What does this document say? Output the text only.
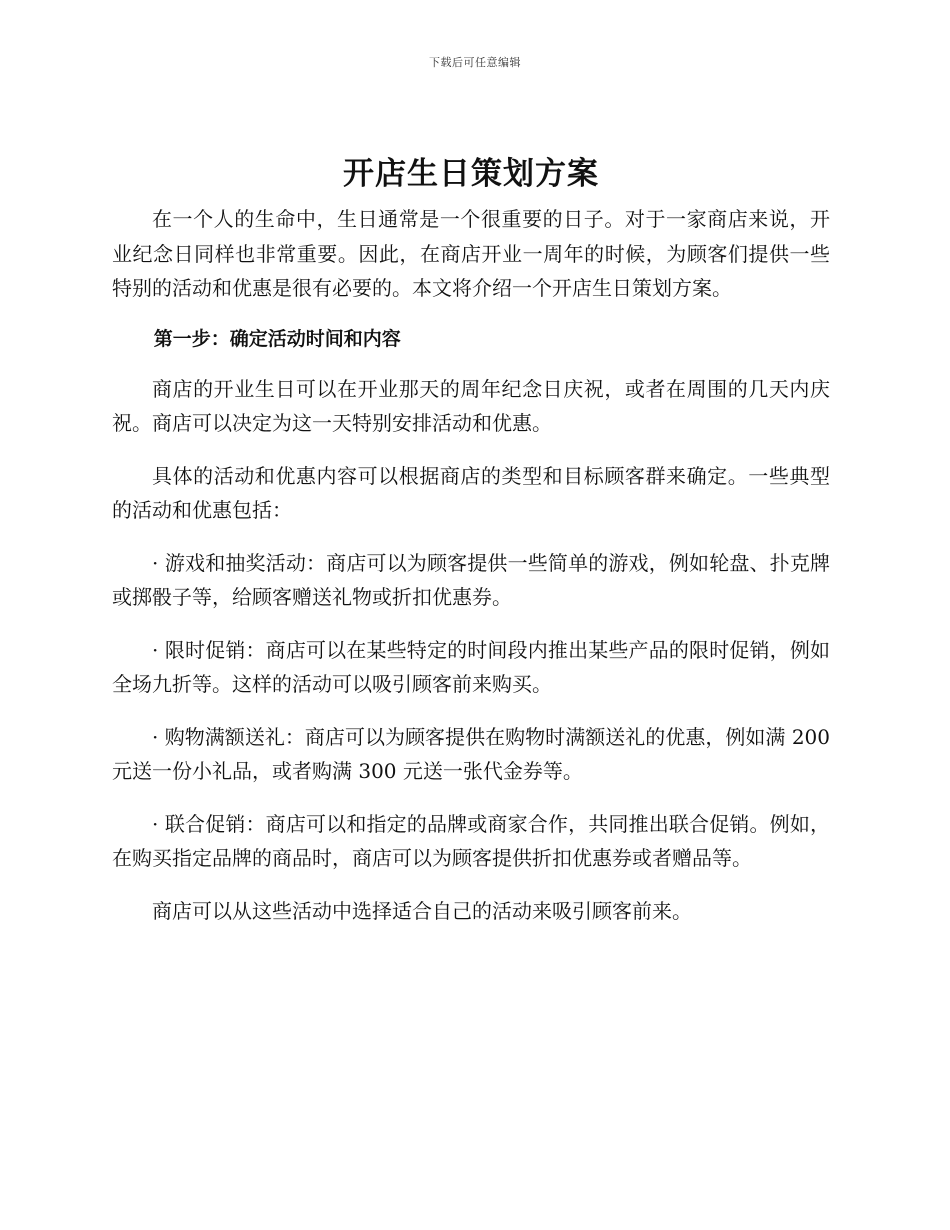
下载后可任意编辑
开店生日策划方案

在一个人的生命中，生日通常是一个很重要的日子。对于一家商店来说，开业纪念日同样也非常重要。因此，在商店开业一周年的时候，为顾客们提供一些特别的活动和优惠是很有必要的。本文将介绍一个开店生日策划方案。

第一步：确定活动时间和内容

商店的开业生日可以在开业那天的周年纪念日庆祝，或者在周围的几天内庆祝。商店可以决定为这一天特别安排活动和优惠。

具体的活动和优惠内容可以根据商店的类型和目标顾客群来确定。一些典型的活动和优惠包括：

· 游戏和抽奖活动：商店可以为顾客提供一些简单的游戏，例如轮盘、扑克牌或掷骰子等，给顾客赠送礼物或折扣优惠券。

· 限时促销：商店可以在某些特定的时间段内推出某些产品的限时促销，例如全场九折等。这样的活动可以吸引顾客前来购买。

· 购物满额送礼：商店可以为顾客提供在购物时满额送礼的优惠，例如满 200 元送一份小礼品，或者购满 300 元送一张代金券等。

· 联合促销：商店可以和指定的品牌或商家合作，共同推出联合促销。例如，在购买指定品牌的商品时，商店可以为顾客提供折扣优惠券或者赠品等。

商店可以从这些活动中选择适合自己的活动来吸引顾客前来。
